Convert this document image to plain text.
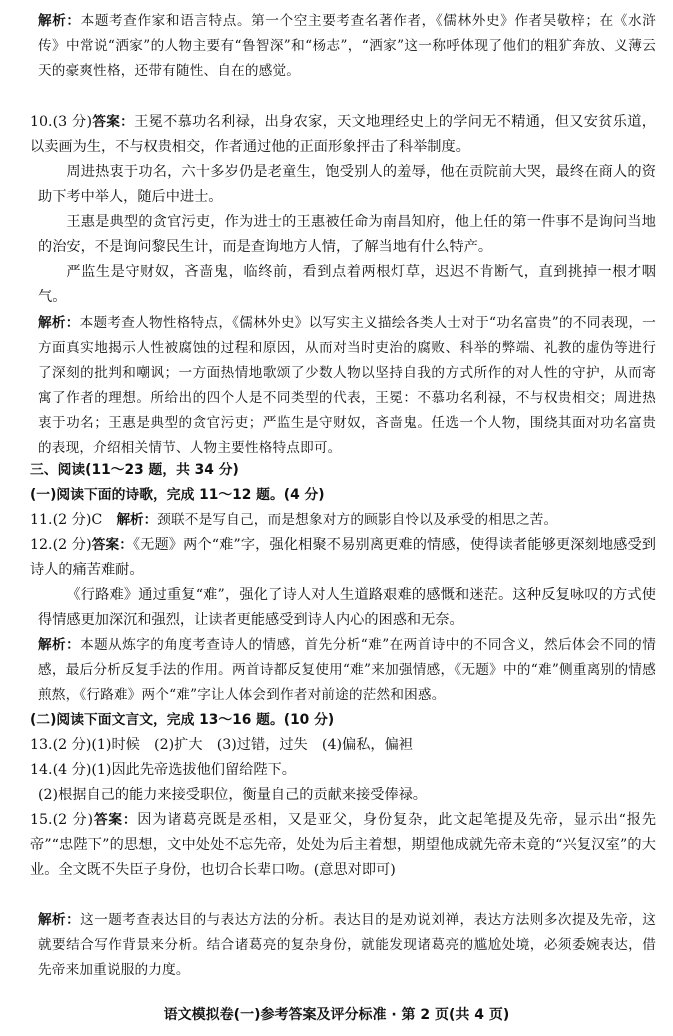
解析：本题考查作家和语言特点。第一个空主要考查名著作者，《儒林外史》作者吴敬梓；在《水浒传》中常说“洒家”的人物主要有“鲁智深”和“杨志”，“洒家”这一称呼体现了他们的粗犷奔放、义薄云天的豪爽性格，还带有随性、自在的感觉。

10.(3 分)答案：王冕不慕功名利禄，出身农家，天文地理经史上的学问无不精通，但又安贫乐道，以卖画为生，不与权贵相交，作者通过他的正面形象抨击了科举制度。

周进热衷于功名，六十多岁仍是老童生，饱受别人的羞辱，他在贡院前大哭，最终在商人的资助下考中举人，随后中进士。

王惠是典型的贪官污吏，作为进士的王惠被任命为南昌知府，他上任的第一件事不是询问当地的治安，不是询问黎民生计，而是查询地方人情，了解当地有什么特产。

严监生是守财奴，吝啬鬼，临终前，看到点着两根灯草，迟迟不肯断气，直到挑掉一根才咽气。

解析：本题考查人物性格特点，《儒林外史》以写实主义描绘各类人士对于“功名富贵”的不同表现，一方面真实地揭示人性被腐蚀的过程和原因，从而对当时吏治的腐败、科举的弊端、礼教的虚伪等进行了深刻的批判和嘲讽；一方面热情地歌颂了少数人物以坚持自我的方式所作的对人性的守护，从而寄寓了作者的理想。所给出的四个人是不同类型的代表，王冕：不慕功名利禄，不与权贵相交；周进热衷于功名；王惠是典型的贪官污吏；严监生是守财奴，吝啬鬼。任选一个人物，围绕其面对功名富贵的表现，介绍相关情节、人物主要性格特点即可。

三、阅读(11～23 题，共 34 分)

(一)阅读下面的诗歌，完成 11～12 题。(4 分)

11.(2 分)C　 解析：颈联不是写自己，而是想象对方的顾影自怜以及承受的相思之苦。

12.(2 分)答案：《无题》两个“难”字，强化相聚不易别离更难的情感，使得读者能够更深刻地感受到诗人的痛苦难耐。

《行路难》通过重复“难”，强化了诗人对人生道路艰难的感慨和迷茫。这种反复咏叹的方式使得情感更加深沉和强烈，让读者更能感受到诗人内心的困惑和无奈。

解析：本题从炼字的角度考查诗人的情感，首先分析“难”在两首诗中的不同含义，然后体会不同的情感，最后分析反复手法的作用。两首诗都反复使用“难”来加强情感，《无题》中的“难”侧重离别的情感煎熬，《行路难》两个“难”字让人体会到作者对前途的茫然和困惑。

(二)阅读下面文言文，完成 13～16 题。(10 分)

13.(2 分)(1)时候　(2)扩大　(3)过错，过失　(4)偏私，偏袒

14.(4 分)(1)因此先帝选拔他们留给陛下。

(2)根据自己的能力来接受职位，衡量自己的贡献来接受俸禄。

15.(2 分)答案：因为诸葛亮既是丞相，又是亚父，身份复杂，此文起笔提及先帝，显示出“报先帝”“忠陛下”的思想，文中处处不忘先帝，处处为后主着想，期望他成就先帝未竟的“兴复汉室”的大业。全文既不失臣子身份，也切合长辈口吻。(意思对即可)

解析：这一题考查表达目的与表达方法的分析。表达目的是劝说刘禅，表达方法则多次提及先帝，这就要结合写作背景来分析。结合诸葛亮的复杂身份，就能发现诸葛亮的尴尬处境，必须委婉表达，借先帝来加重说服的力度。

语文模拟卷(一)参考答案及评分标准 · 第 2 页(共 4 页)
